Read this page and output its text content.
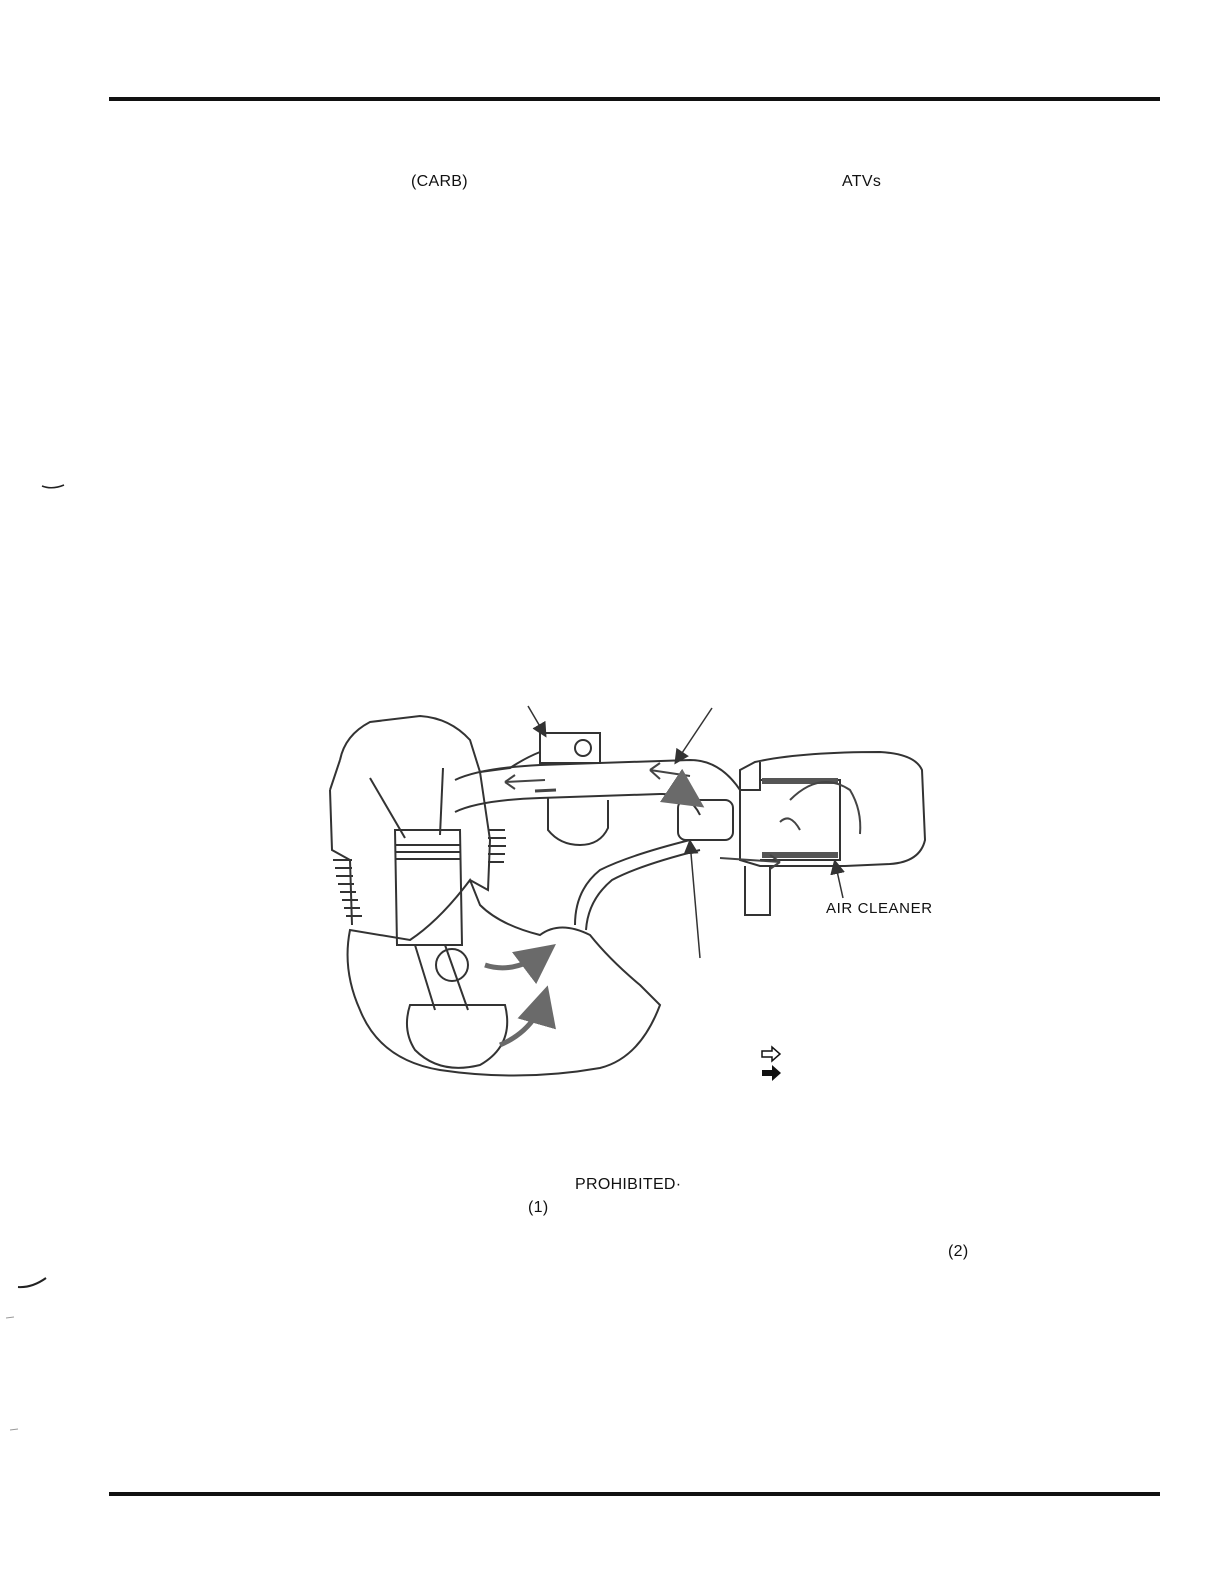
(CARB)	ATVs
AIR CLEANER
PROHIBITED·
(1)
(2)
